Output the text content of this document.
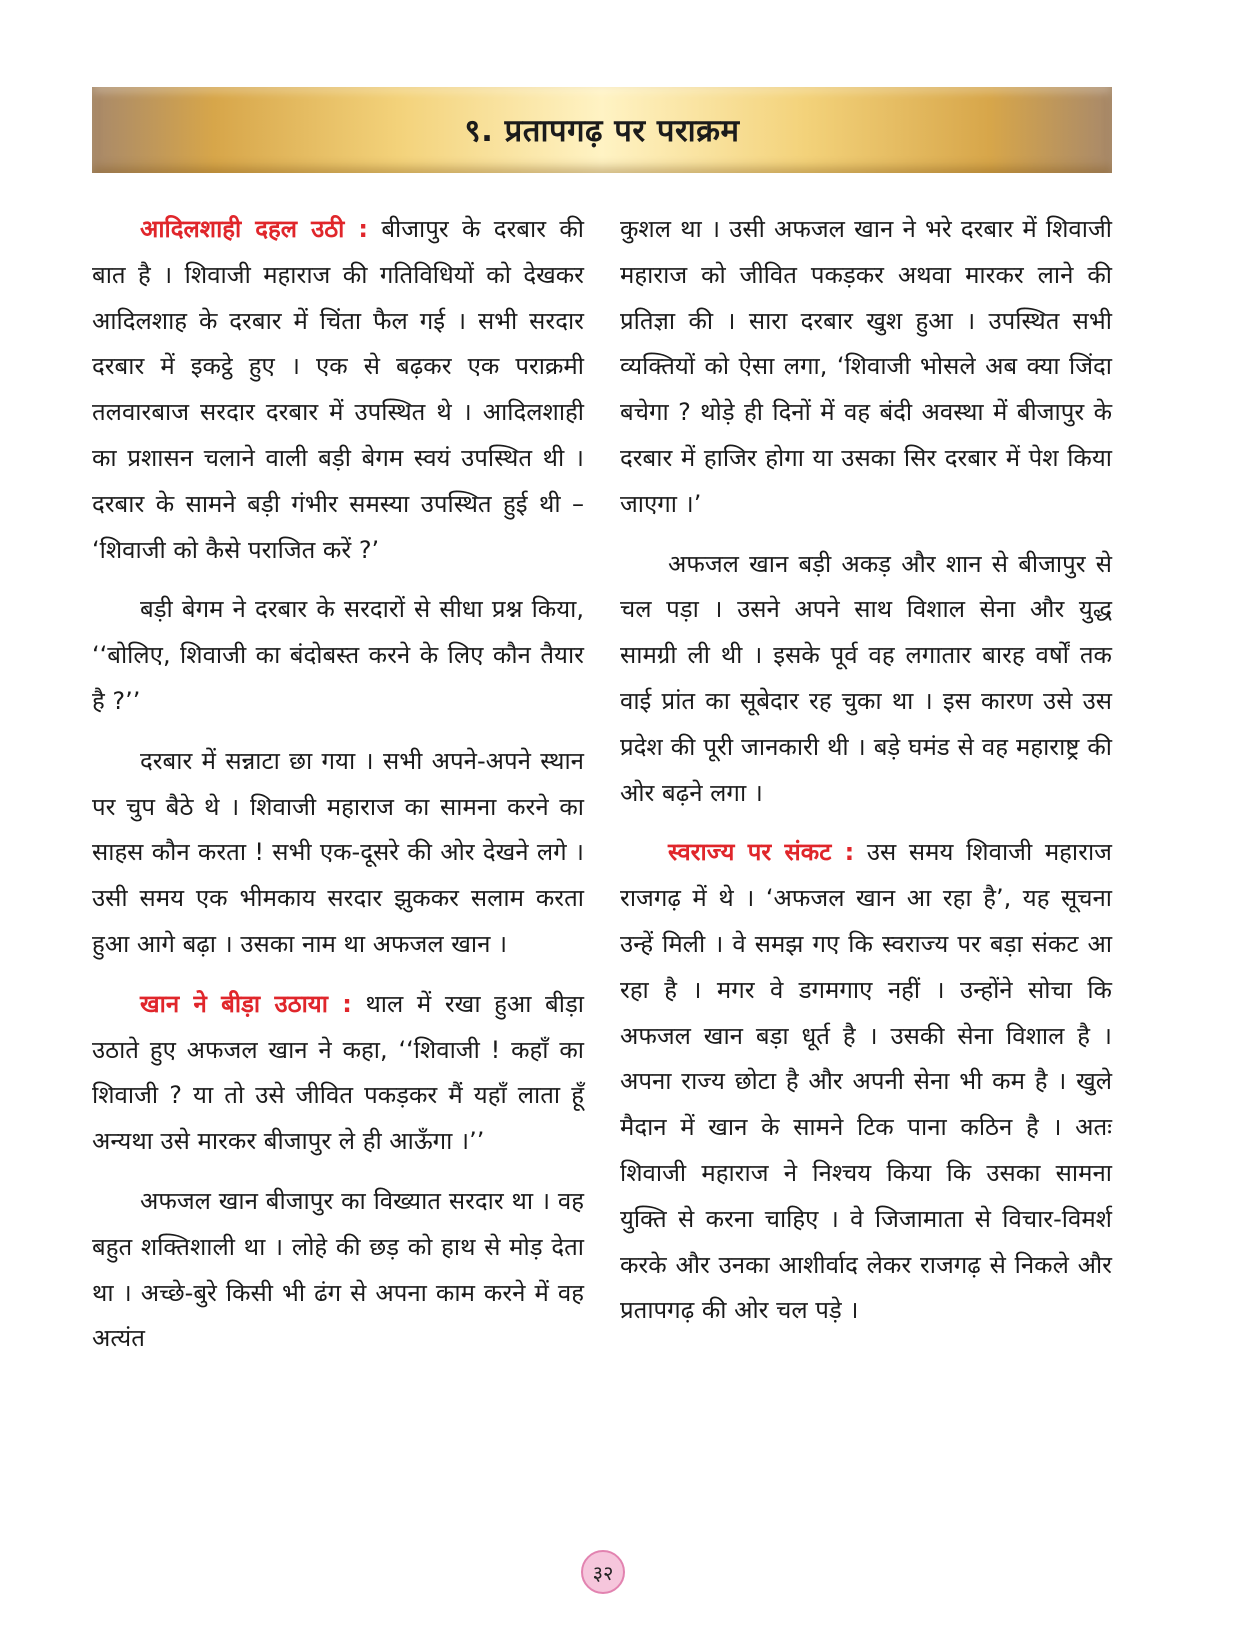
९. प्रतापगढ़ पर पराक्रम

आदिलशाही दहल उठी : बीजापुर के दरबार की बात है । शिवाजी महाराज की गतिविधियों को देखकर आदिलशाह के दरबार में चिंता फैल गई । सभी सरदार दरबार में इकट्ठे हुए । एक से बढ़कर एक पराक्रमी तलवारबाज सरदार दरबार में उपस्थित थे । आदिलशाही का प्रशासन चलाने वाली बड़ी बेगम स्वयं उपस्थित थी । दरबार के सामने बड़ी गंभीर समस्या उपस्थित हुई थी – ‘शिवाजी को कैसे पराजित करें ?’

बड़ी बेगम ने दरबार के सरदारों से सीधा प्रश्न किया, ‘‘बोलिए, शिवाजी का बंदोबस्त करने के लिए कौन तैयार है ?’’

दरबार में सन्नाटा छा गया । सभी अपने-अपने स्थान पर चुप बैठे थे । शिवाजी महाराज का सामना करने का साहस कौन करता ! सभी एक-दूसरे की ओर देखने लगे । उसी समय एक भीमकाय सरदार झुककर सलाम करता हुआ आगे बढ़ा । उसका नाम था अफजल खान ।

खान ने बीड़ा उठाया : थाल में रखा हुआ बीड़ा उठाते हुए अफजल खान ने कहा, ‘‘शिवाजी ! कहाँ का शिवाजी ? या तो उसे जीवित पकड़कर मैं यहाँ लाता हूँ अन्यथा उसे मारकर बीजापुर ले ही आऊँगा ।’’

अफजल खान बीजापुर का विख्यात सरदार था । वह बहुत शक्तिशाली था । लोहे की छड़ को हाथ से मोड़ देता था । अच्छे-बुरे किसी भी ढंग से अपना काम करने में वह अत्यंत

कुशल था । उसी अफजल खान ने भरे दरबार में शिवाजी महाराज को जीवित पकड़कर अथवा मारकर लाने की प्रतिज्ञा की । सारा दरबार खुश हुआ । उपस्थित सभी व्यक्तियों को ऐसा लगा, ‘शिवाजी भोसले अब क्या जिंदा बचेगा ? थोड़े ही दिनों में वह बंदी अवस्था में बीजापुर के दरबार में हाजिर होगा या उसका सिर दरबार में पेश किया जाएगा ।’

अफजल खान बड़ी अकड़ और शान से बीजापुर से चल पड़ा । उसने अपने साथ विशाल सेना और युद्ध सामग्री ली थी । इसके पूर्व वह लगातार बारह वर्षों तक वाई प्रांत का सूबेदार रह चुका था । इस कारण उसे उस प्रदेश की पूरी जानकारी थी । बड़े घमंड से वह महाराष्ट्र की ओर बढ़ने लगा ।

स्वराज्य पर संकट : उस समय शिवाजी महाराज राजगढ़ में थे । ‘अफजल खान आ रहा है’, यह सूचना उन्हें मिली । वे समझ गए कि स्वराज्य पर बड़ा संकट आ रहा है । मगर वे डगमगाए नहीं । उन्होंने सोचा कि अफजल खान बड़ा धूर्त है । उसकी सेना विशाल है । अपना राज्य छोटा है और अपनी सेना भी कम है । खुले मैदान में खान के सामने टिक पाना कठिन है । अतः शिवाजी महाराज ने निश्चय किया कि उसका सामना युक्ति से करना चाहिए । वे जिजामाता से विचार-विमर्श करके और उनका आशीर्वाद लेकर राजगढ़ से निकले और प्रतापगढ़ की ओर चल पड़े ।

३२
